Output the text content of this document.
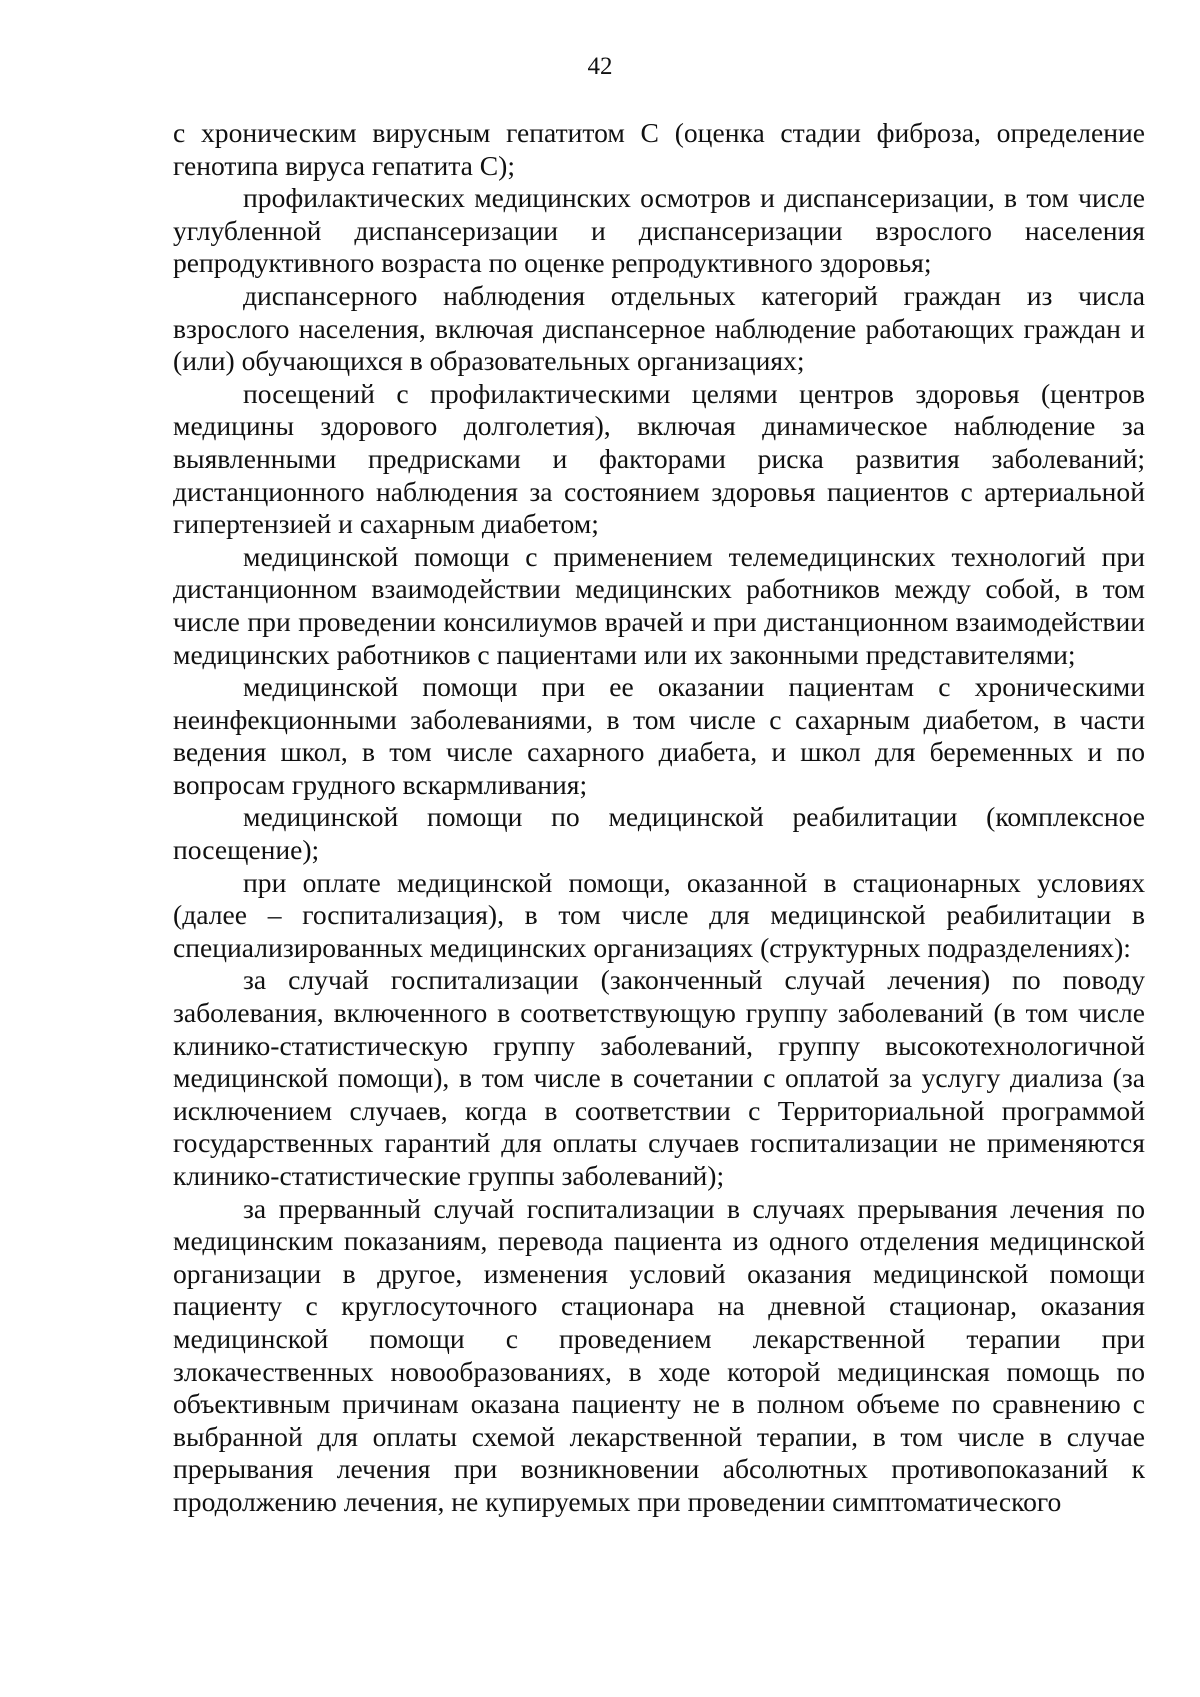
42

с хроническим вирусным гепатитом С (оценка стадии фиброза, определение генотипа вируса гепатита С);

профилактических медицинских осмотров и диспансеризации, в том числе углубленной диспансеризации и диспансеризации взрослого населения репродуктивного возраста по оценке репродуктивного здоровья;

диспансерного наблюдения отдельных категорий граждан из числа взрослого населения, включая диспансерное наблюдение работающих граждан и (или) обучающихся в образовательных организациях;

посещений с профилактическими целями центров здоровья (центров медицины здорового долголетия), включая динамическое наблюдение за выявленными предрисками и факторами риска развития заболеваний; дистанционного наблюдения за состоянием здоровья пациентов с артериальной гипертензией и сахарным диабетом;

медицинской помощи с применением телемедицинских технологий при дистанционном взаимодействии медицинских работников между собой, в том числе при проведении консилиумов врачей и при дистанционном взаимодействии медицинских работников с пациентами или их законными представителями;

медицинской помощи при ее оказании пациентам с хроническими неинфекционными заболеваниями, в том числе с сахарным диабетом, в части ведения школ, в том числе сахарного диабета, и школ для беременных и по вопросам грудного вскармливания;

медицинской помощи по медицинской реабилитации (комплексное посещение);

при оплате медицинской помощи, оказанной в стационарных условиях (далее – госпитализация), в том числе для медицинской реабилитации в специализированных медицинских организациях (структурных подразделениях):

за случай госпитализации (законченный случай лечения) по поводу заболевания, включенного в соответствующую группу заболеваний (в том числе клинико-статистическую группу заболеваний, группу высокотехнологичной медицинской помощи), в том числе в сочетании с оплатой за услугу диализа (за исключением случаев, когда в соответствии с Территориальной программой государственных гарантий для оплаты случаев госпитализации не применяются клинико-статистические группы заболеваний);

за прерванный случай госпитализации в случаях прерывания лечения по медицинским показаниям, перевода пациента из одного отделения медицинской организации в другое, изменения условий оказания медицинской помощи пациенту с круглосуточного стационара на дневной стационар, оказания медицинской помощи с проведением лекарственной терапии при злокачественных новообразованиях, в ходе которой медицинская помощь по объективным причинам оказана пациенту не в полном объеме по сравнению с выбранной для оплаты схемой лекарственной терапии, в том числе в случае прерывания лечения при возникновении абсолютных противопоказаний к продолжению лечения, не купируемых при проведении симптоматического
